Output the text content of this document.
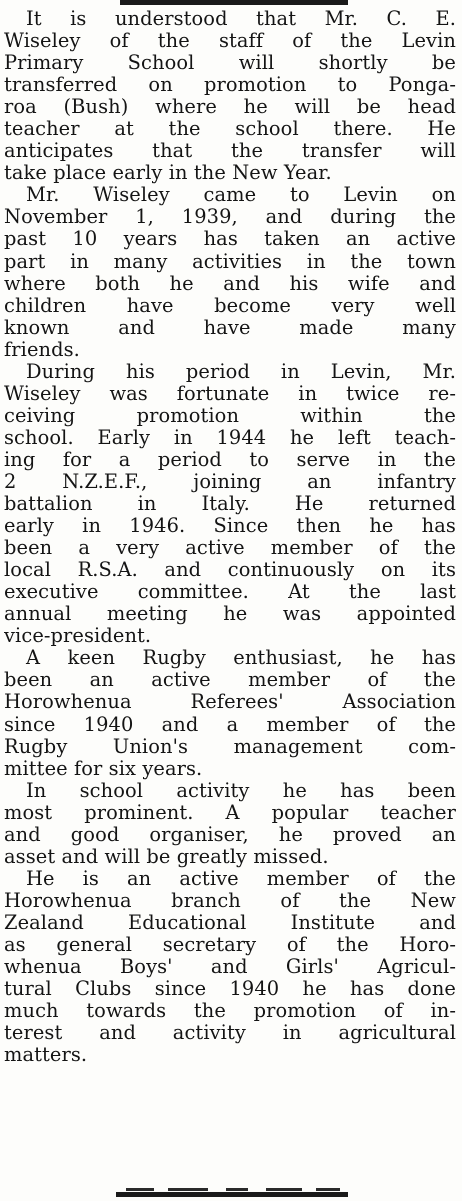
It is understood that Mr. C. E.
Wiseley of the staff of the Levin
Primary School will shortly be
transferred on promotion to Ponga-
roa (Bush) where he will be head
teacher at the school there. He
anticipates that the transfer will
take place early in the New Year.
Mr. Wiseley came to Levin on
November 1, 1939, and during the
past 10 years has taken an active
part in many activities in the town
where both he and his wife and
children have become very well
known and have made many
friends.
During his period in Levin, Mr.
Wiseley was fortunate in twice re-
ceiving promotion within the
school. Early in 1944 he left teach-
ing for a period to serve in the
2 N.Z.E.F., joining an infantry
battalion in Italy. He returned
early in 1946. Since then he has
been a very active member of the
local R.S.A. and continuously on its
executive committee. At the last
annual meeting he was appointed
vice-president.
A keen Rugby enthusiast, he has
been an active member of the
Horowhenua Referees' Association
since 1940 and a member of the
Rugby Union's management com-
mittee for six years.
In school activity he has been
most prominent. A popular teacher
and good organiser, he proved an
asset and will be greatly missed.
He is an active member of the
Horowhenua branch of the New
Zealand Educational Institute and
as general secretary of the Horo-
whenua Boys' and Girls' Agricul-
tural Clubs since 1940 he has done
much towards the promotion of in-
terest and activity in agricultural
matters.
